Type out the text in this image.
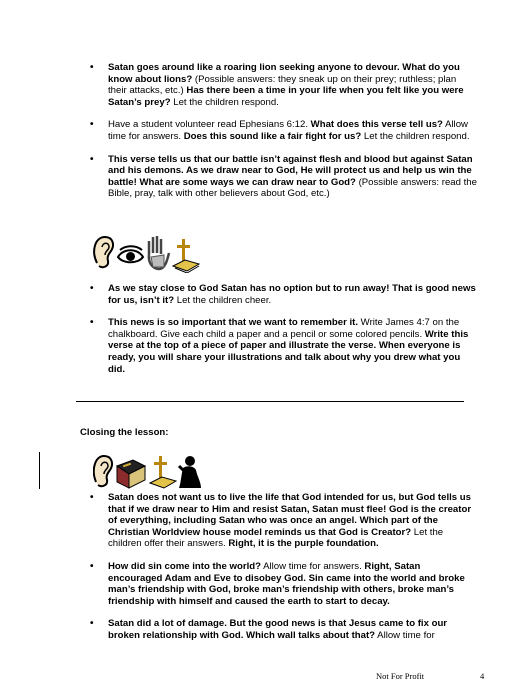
• Satan goes around like a roaring lion seeking anyone to devour. What do you know about lions? (Possible answers: they sneak up on their prey; ruthless; plan their attacks, etc.) Has there been a time in your life when you felt like you were Satan’s prey? Let the children respond.
• Have a student volunteer read Ephesians 6:12. What does this verse tell us? Allow time for answers. Does this sound like a fair fight for us? Let the children respond.
• This verse tells us that our battle isn’t against flesh and blood but against Satan and his demons. As we draw near to God, He will protect us and help us win the battle! What are some ways we can draw near to God? (Possible answers: read the Bible, pray, talk with other believers about God, etc.)
• As we stay close to God Satan has no option but to run away! That is good news for us, isn’t it? Let the children cheer.
• This news is so important that we want to remember it. Write James 4:7 on the chalkboard. Give each child a paper and a pencil or some colored pencils. Write this verse at the top of a piece of paper and illustrate the verse. When everyone is ready, you will share your illustrations and talk about why you drew what you did.
Closing the lesson:
• Satan does not want us to live the life that God intended for us, but God tells us that if we draw near to Him and resist Satan, Satan must flee! God is the creator of everything, including Satan who was once an angel. Which part of the Christian Worldview house model reminds us that God is Creator? Let the children offer their answers. Right, it is the purple foundation.
• How did sin come into the world? Allow time for answers. Right, Satan encouraged Adam and Eve to disobey God. Sin came into the world and broke man’s friendship with God, broke man’s friendship with others, broke man’s friendship with himself and caused the earth to start to decay.
• Satan did a lot of damage. But the good news is that Jesus came to fix our broken relationship with God. Which wall talks about that? Allow time for
Not For Profit	4
